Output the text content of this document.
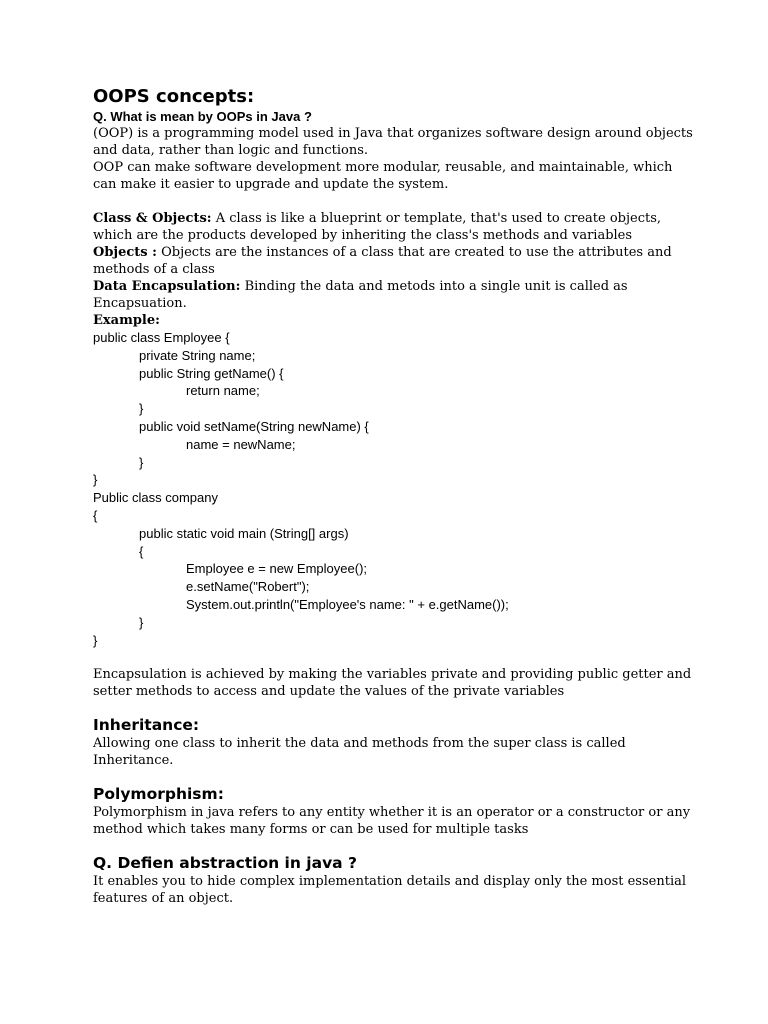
OOPS concepts:
Q. What is mean by OOPs in Java ?
(OOP) is a programming model used in Java that organizes software design around objects and data, rather than logic and functions.
OOP can make software development more modular, reusable, and maintainable, which can make it easier to upgrade and update the system.
Class & Objects: A class is like a blueprint or template, that's used to create objects, which are the products developed by inheriting the class's methods and variables
Objects : Objects are the instances of a class that are created to use the attributes and methods of a class
Data Encapsulation: Binding the data and metods into a single unit is called as Encapsuation.
Example:
public class Employee {
private String name;
public String getName() {
return name;
}
public void setName(String newName) {
name = newName;
}
}
Public class company
{
public static void main (String[] args)
{
Employee e = new Employee();
e.setName("Robert");
System.out.println("Employee's name: " + e.getName());
}
}
Encapsulation is achieved by making the variables private and providing public getter and setter methods to access and update the values of the private variables
Inheritance:
Allowing one class to inherit the data and methods from the super class is called Inheritance.
Polymorphism:
Polymorphism in java refers to any entity whether it is an operator or a constructor or any method which takes many forms or can be used for multiple tasks
Q. Defien abstraction in java ?
It enables you to hide complex implementation details and display only the most essential features of an object.
